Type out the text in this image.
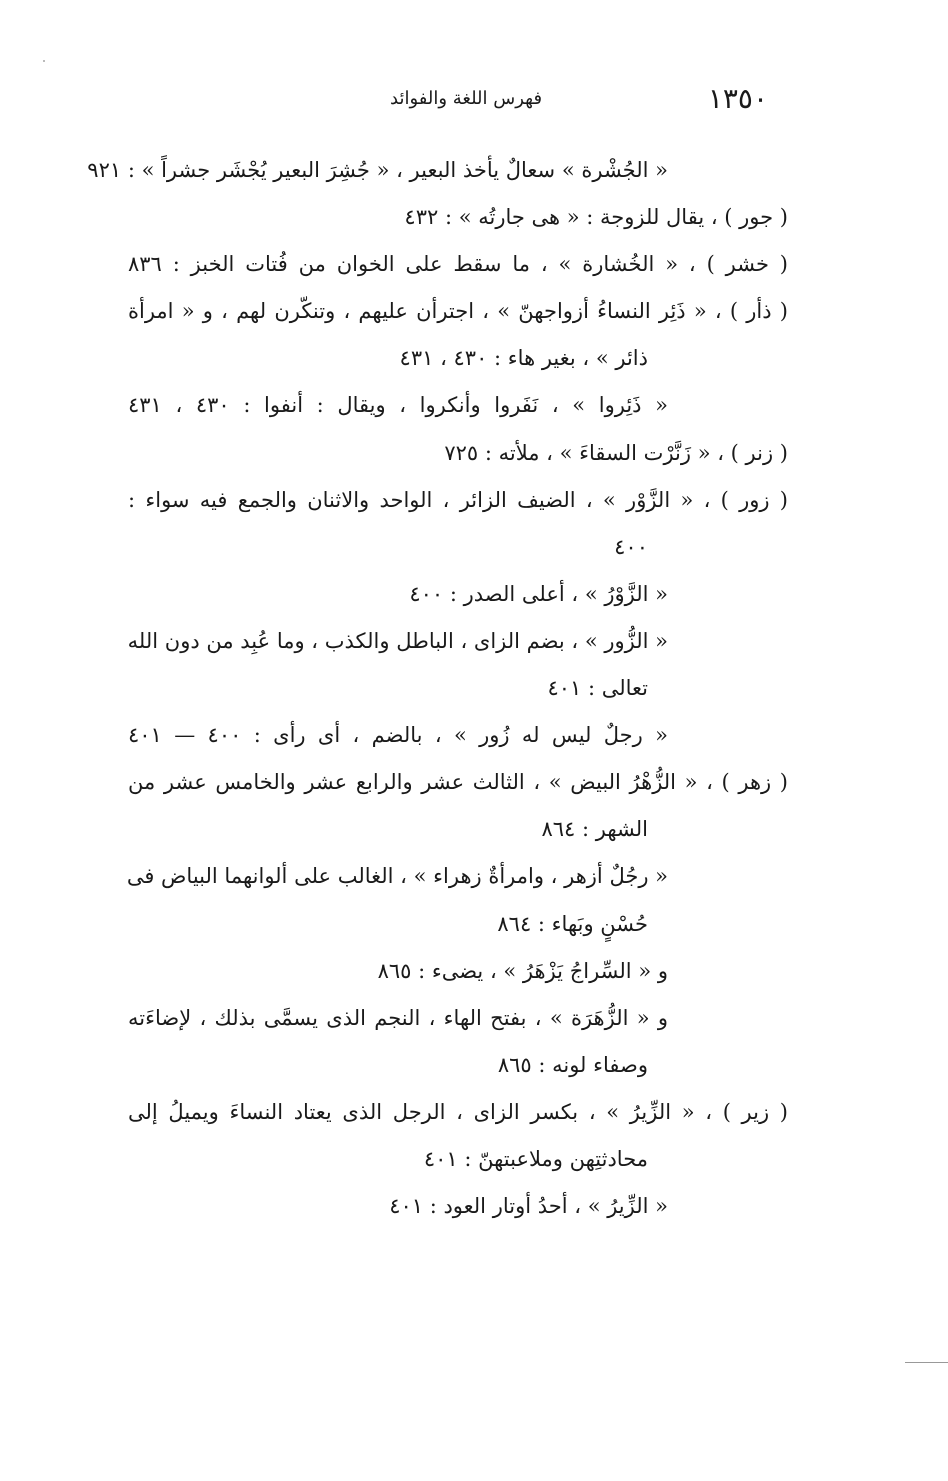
١٣٥٠
فهرس اللغة والفوائد
« الجُشْرة » سعالٌ يأخذ البعير ، « جُشِرَ البعير يُجْشَر جشراً » : ٩٢١
( جور ) ، يقال للزوجة : « هى جارتُه » : ٤٣٢
( خشر ) ، « الخُشارة » ، ما سقط على الخوان من فُتات الخبز : ٨٣٦
( ذأر ) ، « ذَئِر النساءُ أزواجهنّ » ، اجترأن عليهم ، وتنكّرن لهم ، و « امرأة
ذائر » ، بغير هاء : ٤٣٠ ، ٤٣١
« ذَئِروا » ، نَفَروا وأنكروا ، ويقال : أنفوا : ٤٣٠ ، ٤٣١
( زنر ) ، « زَنَّرْت السقاءَ » ، ملأته : ٧٢٥
( زور ) ، « الزَّوْر » ، الضيف الزائر ، الواحد والاثنان والجمع فيه سواء :
٤٠٠
« الزَّوْرُ » ، أعلى الصدر : ٤٠٠
« الزُّور » ، بضم الزاى ، الباطل والكذب ، وما عُبِد من دون الله
تعالى : ٤٠١
« رجلٌ ليس له زُور » ، بالضم ، أى رأى : ٤٠٠ — ٤٠١
( زهر ) ، « الزُّهْرُ البيض » ، الثالث عشر والرابع عشر والخامس عشر من
الشهر : ٨٦٤
« رجُلٌ أزهر ، وامرأةٌ زهراء » ، الغالب على ألوانهما البياض فى
حُسْنٍ وبَهاء : ٨٦٤
و « السِّراجُ يَزْهَرُ » ، يضىء : ٨٦٥
و « الزُّهَرَة » ، بفتح الهاء ، النجم الذى يسمَّى بذلك ، لإضاءَته
وصفاء لونه : ٨٦٥
( زير ) ، « الزِّيرُ » ، بكسر الزاى ، الرجل الذى يعتاد النساءَ ويميلُ إلى
محادثتِهن وملاعبتهنّ : ٤٠١
« الزِّيرُ » ، أحدُ أوتار العود : ٤٠١
